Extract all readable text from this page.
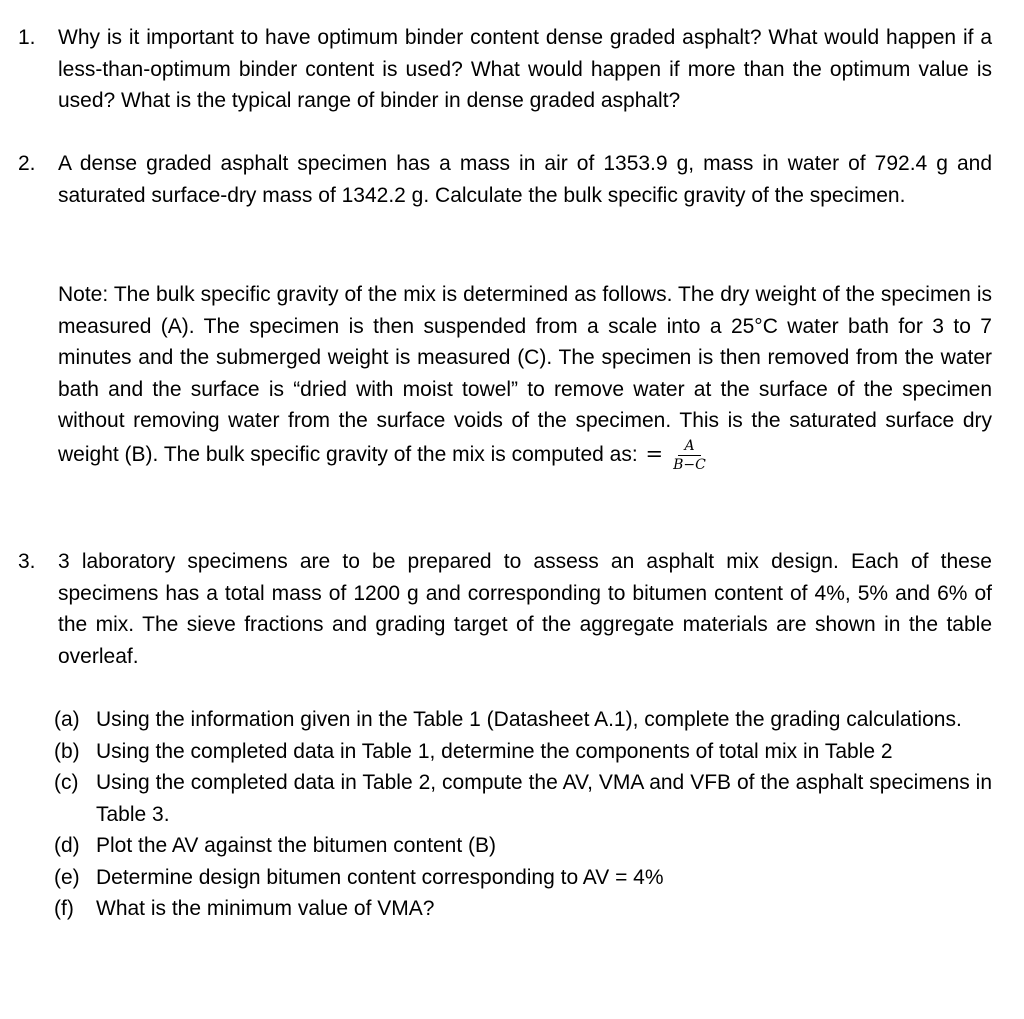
1. Why is it important to have optimum binder content dense graded asphalt? What would happen if a less-than-optimum binder content is used? What would happen if more than the optimum value is used? What is the typical range of binder in dense graded asphalt?

2. A dense graded asphalt specimen has a mass in air of 1353.9 g, mass in water of 792.4 g and saturated surface-dry mass of 1342.2 g. Calculate the bulk specific gravity of the specimen.

Note: The bulk specific gravity of the mix is determined as follows. The dry weight of the specimen is measured (A). The specimen is then suspended from a scale into a 25°C water bath for 3 to 7 minutes and the submerged weight is measured (C). The specimen is then removed from the water bath and the surface is “dried with moist towel” to remove water at the surface of the specimen without removing water from the surface voids of the specimen. This is the saturated surface dry weight (B). The bulk specific gravity of the mix is computed as: = $\frac{A}{B-C}$

3. 3 laboratory specimens are to be prepared to assess an asphalt mix design. Each of these specimens has a total mass of 1200 g and corresponding to bitumen content of 4%, 5% and 6% of the mix. The sieve fractions and grading target of the aggregate materials are shown in the table overleaf.

(a) Using the information given in the Table 1 (Datasheet A.1), complete the grading calculations.
(b) Using the completed data in Table 1, determine the components of total mix in Table 2
(c) Using the completed data in Table 2, compute the AV, VMA and VFB of the asphalt specimens in Table 3.
(d) Plot the AV against the bitumen content (B)
(e) Determine design bitumen content corresponding to AV = 4%
(f) What is the minimum value of VMA?
